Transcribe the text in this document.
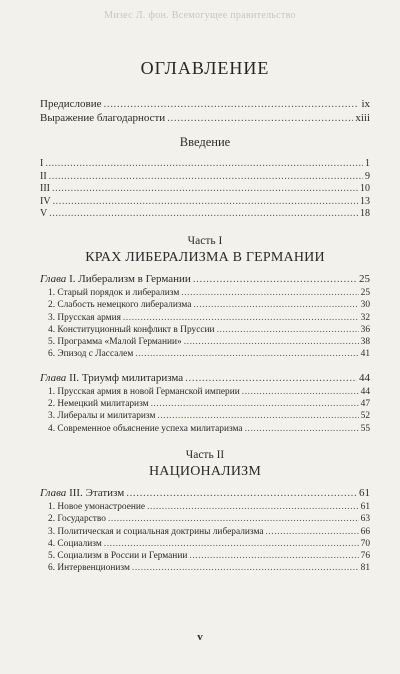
Мизес Л. фон. Всемогущее правительство
ОГЛАВЛЕНИЕ
Предисловие .....	ix
Выражение благодарности .....	xiii
Введение
I .....	1
II .....	9
III .....	10
IV .....	13
V .....	18
Часть I
КРАХ ЛИБЕРАЛИЗМА В ГЕРМАНИИ
Глава I. Либерализм в Германии .....	25
1. Старый порядок и либерализм .....	25
2. Слабость немецкого либерализма .....	30
3. Прусская армия .....	32
4. Конституционный конфликт в Пруссии .....	36
5. Программа «Малой Германии» .....	38
6. Эпизод с Лассалем .....	41
Глава II. Триумф милитаризма .....	44
1. Прусская армия в новой Германской империи .....	44
2. Немецкий милитаризм .....	47
3. Либералы и милитаризм .....	52
4. Современное объяснение успеха милитаризма .....	55
Часть II
НАЦИОНАЛИЗМ
Глава III. Этатизм .....	61
1. Новое умонастроение .....	61
2. Государство .....	63
3. Политическая и социальная доктрины либерализма .....	66
4. Социализм .....	70
5. Социализм в России и Германии .....	76
6. Интервенционизм .....	81
v
